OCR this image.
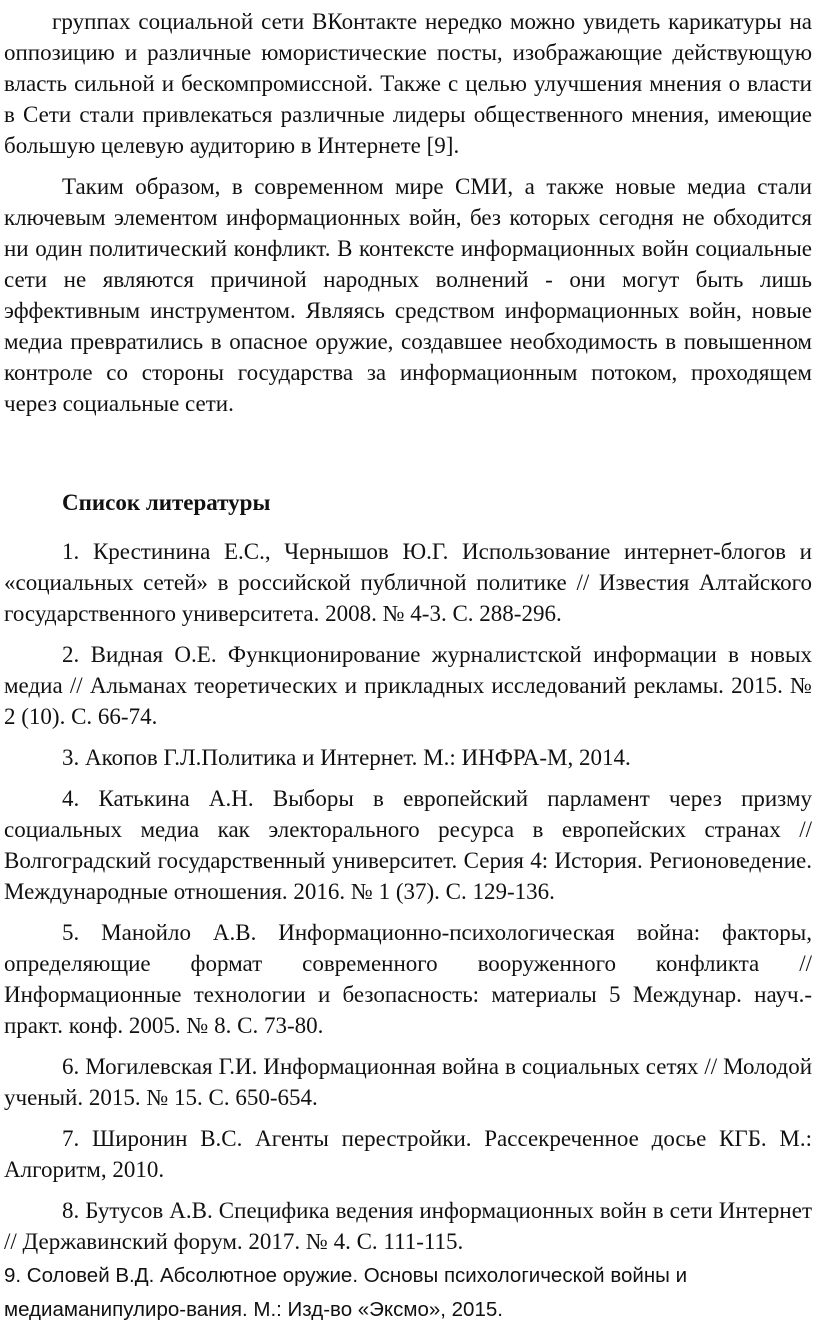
группах социальной сети ВКонтакте нередко можно увидеть карикатуры на оппозицию и различные юмористические посты, изображающие действующую власть сильной и бескомпромиссной. Также с целью улучшения мнения о власти в Сети стали привлекаться различные лидеры общественного мнения, имеющие большую целевую аудиторию в Интернете [9].

Таким образом, в современном мире СМИ, а также новые медиа стали ключевым элементом информационных войн, без которых сегодня не обходится ни один политический конфликт. В контексте информационных войн социальные сети не являются причиной народных волнений - они могут быть лишь эффективным инструментом. Являясь средством информационных войн, новые медиа превратились в опасное оружие, создавшее необходимость в повышенном контроле со стороны государства за информационным потоком, проходящем через социальные сети.

Список литературы

1. Крестинина Е.С., Чернышов Ю.Г. Использование интернет-блогов и «социальных сетей» в российской публичной политике // Известия Алтайского государственного университета. 2008. № 4-3. С. 288-296.

2. Видная О.Е. Функционирование журналистской информации в новых медиа // Альманах теоретических и прикладных исследований рекламы. 2015. № 2 (10). С. 66-74.

3. Акопов Г.Л.Политика и Интернет. М.: ИНФРА-М, 2014.

4. Катькина А.Н. Выборы в европейский парламент через призму социальных медиа как электорального ресурса в европейских странах // Волгоградский государственный университет. Серия 4: История. Регионоведение. Международные отношения. 2016. № 1 (37). С. 129-136.

5. Манойло А.В. Информационно-психологическая война: факторы, определяющие формат современного вооруженного конфликта // Информационные технологии и безопасность: материалы 5 Междунар. науч.-практ. конф. 2005. № 8. С. 73-80.

6. Могилевская Г.И. Информационная война в социальных сетях // Молодой ученый. 2015. № 15. С. 650-654.

7. Широнин В.С. Агенты перестройки. Рассекреченное досье КГБ. М.: Алгоритм, 2010.

8. Бутусов А.В. Специфика ведения информационных войн в сети Интернет // Державинский форум. 2017. № 4. С. 111-115.

9. Соловей В.Д. Абсолютное оружие. Основы психологической войны и медиаманипулиро-вания. М.: Изд-во «Эксмо», 2015.
